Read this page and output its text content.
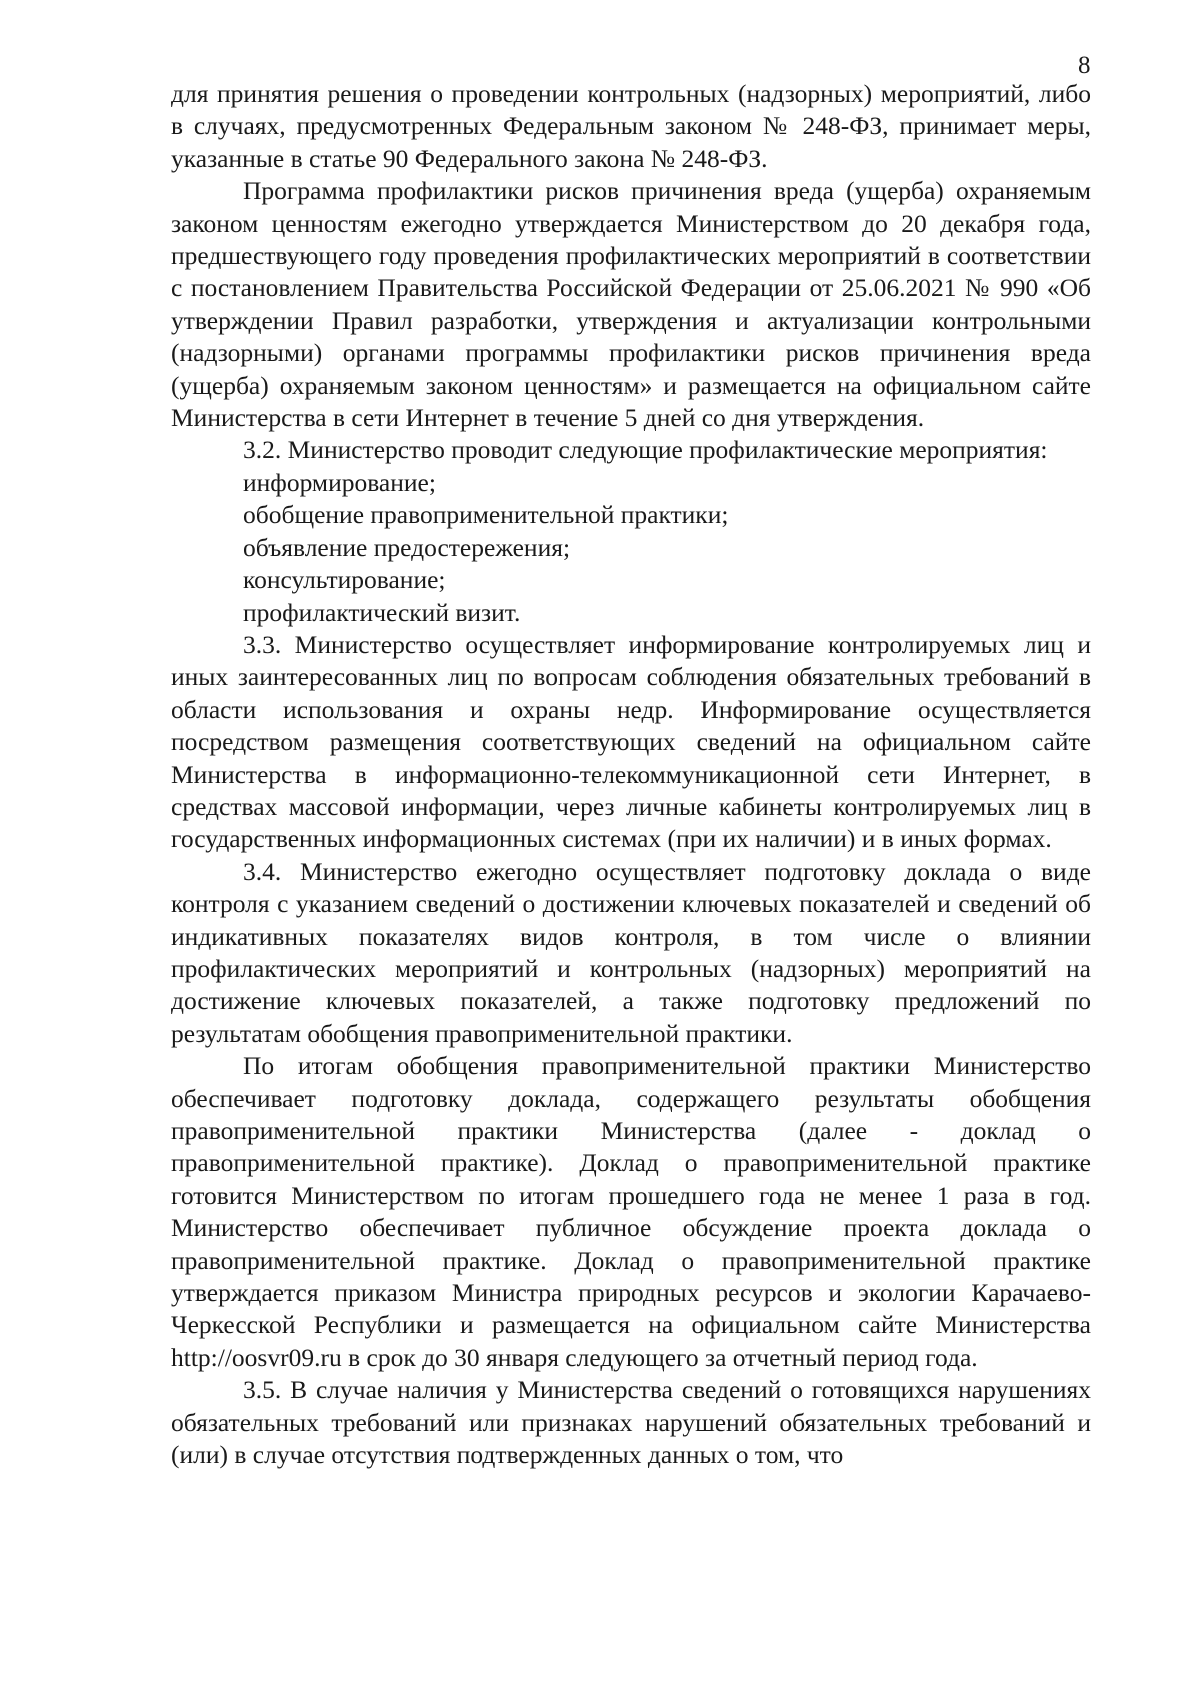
8

для принятия решения о проведении контрольных (надзорных) мероприятий, либо в случаях, предусмотренных Федеральным законом № 248-ФЗ, принимает меры, указанные в статье 90 Федерального закона № 248-ФЗ.

Программа профилактики рисков причинения вреда (ущерба) охраняемым законом ценностям ежегодно утверждается Министерством до 20 декабря года, предшествующего году проведения профилактических мероприятий в соответствии с постановлением Правительства Российской Федерации от 25.06.2021 № 990 «Об утверждении Правил разработки, утверждения и актуализации контрольными (надзорными) органами программы профилактики рисков причинения вреда (ущерба) охраняемым законом ценностям» и размещается на официальном сайте Министерства в сети Интернет в течение 5 дней со дня утверждения.

3.2. Министерство проводит следующие профилактические мероприятия:

информирование;

обобщение правоприменительной практики;

объявление предостережения;

консультирование;

профилактический визит.

3.3. Министерство осуществляет информирование контролируемых лиц и иных заинтересованных лиц по вопросам соблюдения обязательных требований в области использования и охраны недр. Информирование осуществляется посредством размещения соответствующих сведений на официальном сайте Министерства в информационно-телекоммуникационной сети Интернет, в средствах массовой информации, через личные кабинеты контролируемых лиц в государственных информационных системах (при их наличии) и в иных формах.

3.4. Министерство ежегодно осуществляет подготовку доклада о виде контроля с указанием сведений о достижении ключевых показателей и сведений об индикативных показателях видов контроля, в том числе о влиянии профилактических мероприятий и контрольных (надзорных) мероприятий на достижение ключевых показателей, а также подготовку предложений по результатам обобщения правоприменительной практики.

По итогам обобщения правоприменительной практики Министерство обеспечивает подготовку доклада, содержащего результаты обобщения правоприменительной практики Министерства (далее - доклад о правоприменительной практике). Доклад о правоприменительной практике готовится Министерством по итогам прошедшего года не менее 1 раза в год. Министерство обеспечивает публичное обсуждение проекта доклада о правоприменительной практике. Доклад о правоприменительной практике утверждается приказом Министра природных ресурсов и экологии Карачаево-Черкесской Республики и размещается на официальном сайте Министерства http://oosvr09.ru в срок до 30 января следующего за отчетный период года.

3.5. В случае наличия у Министерства сведений о готовящихся нарушениях обязательных требований или признаках нарушений обязательных требований и (или) в случае отсутствия подтвержденных данных о том, что
